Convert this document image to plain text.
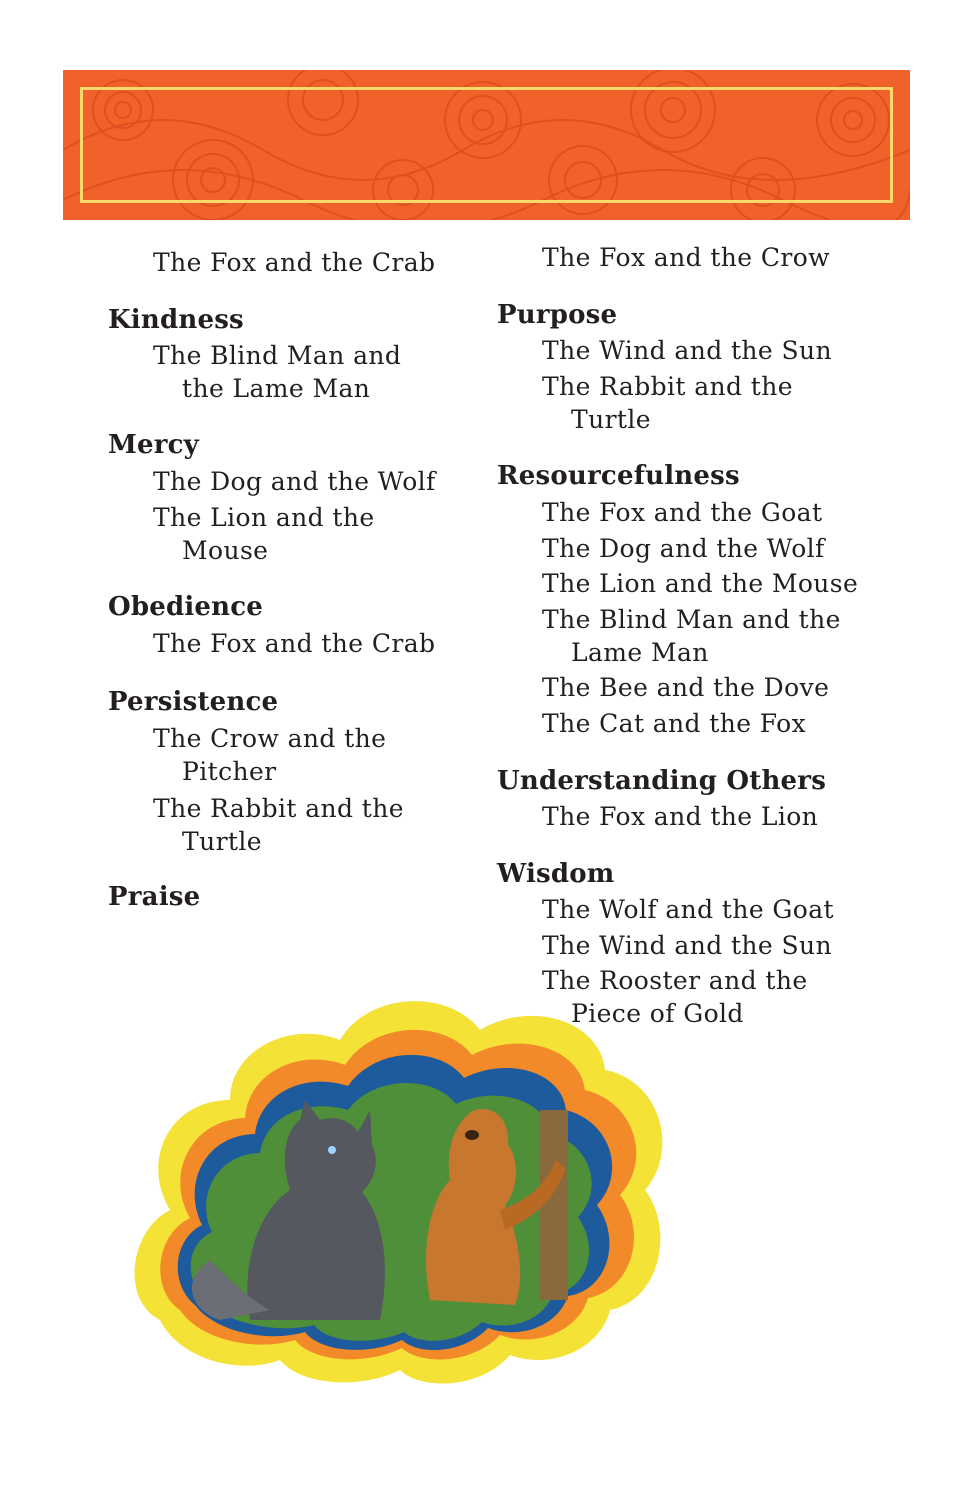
The Fox and the Crab
Kindness
The Blind Man and

the Lame Man
Mercy
The Dog and the Wolf
The Lion and the

Mouse
Obedience
The Fox and the Crab
Persistence
The Crow and the

Pitcher
The Rabbit and the

Turtle
Praise
The Fox and the Crow
Purpose
The Wind and the Sun
The Rabbit and the

Turtle
Resourcefulness
The Fox and the Goat
The Dog and the Wolf
The Lion and the Mouse
The Blind Man and the

Lame Man
The Bee and the Dove
The Cat and the Fox
Understanding Others
The Fox and the Lion
Wisdom
The Wolf and the Goat
The Wind and the Sun
The Rooster and the

Piece of Gold
